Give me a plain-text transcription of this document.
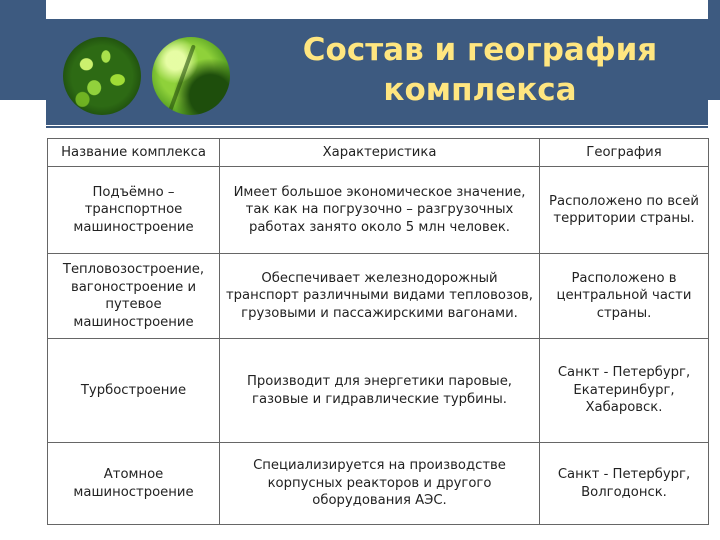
Состав и география
комплекса
Название комплекса	Характеристика	География
Подъёмно – транспортное машиностроение	Имеет большое экономическое значение, так как на погрузочно – разгрузочных работах занято около 5 млн человек.	Расположено по всей территории страны.
Тепловозостроение, вагоностроение и путевое машиностроение	Обеспечивает железнодорожный транспорт различными видами тепловозов, грузовыми и пассажирскими вагонами.	Расположено в центральной части страны.
Турбостроение	Производит для энергетики паровые, газовые и гидравлические турбины.	Санкт - Петербург, Екатеринбург, Хабаровск.
Атомное машиностроение	Специализируется на производстве корпусных реакторов и другого оборудования АЭС.	Санкт - Петербург, Волгодонск.
